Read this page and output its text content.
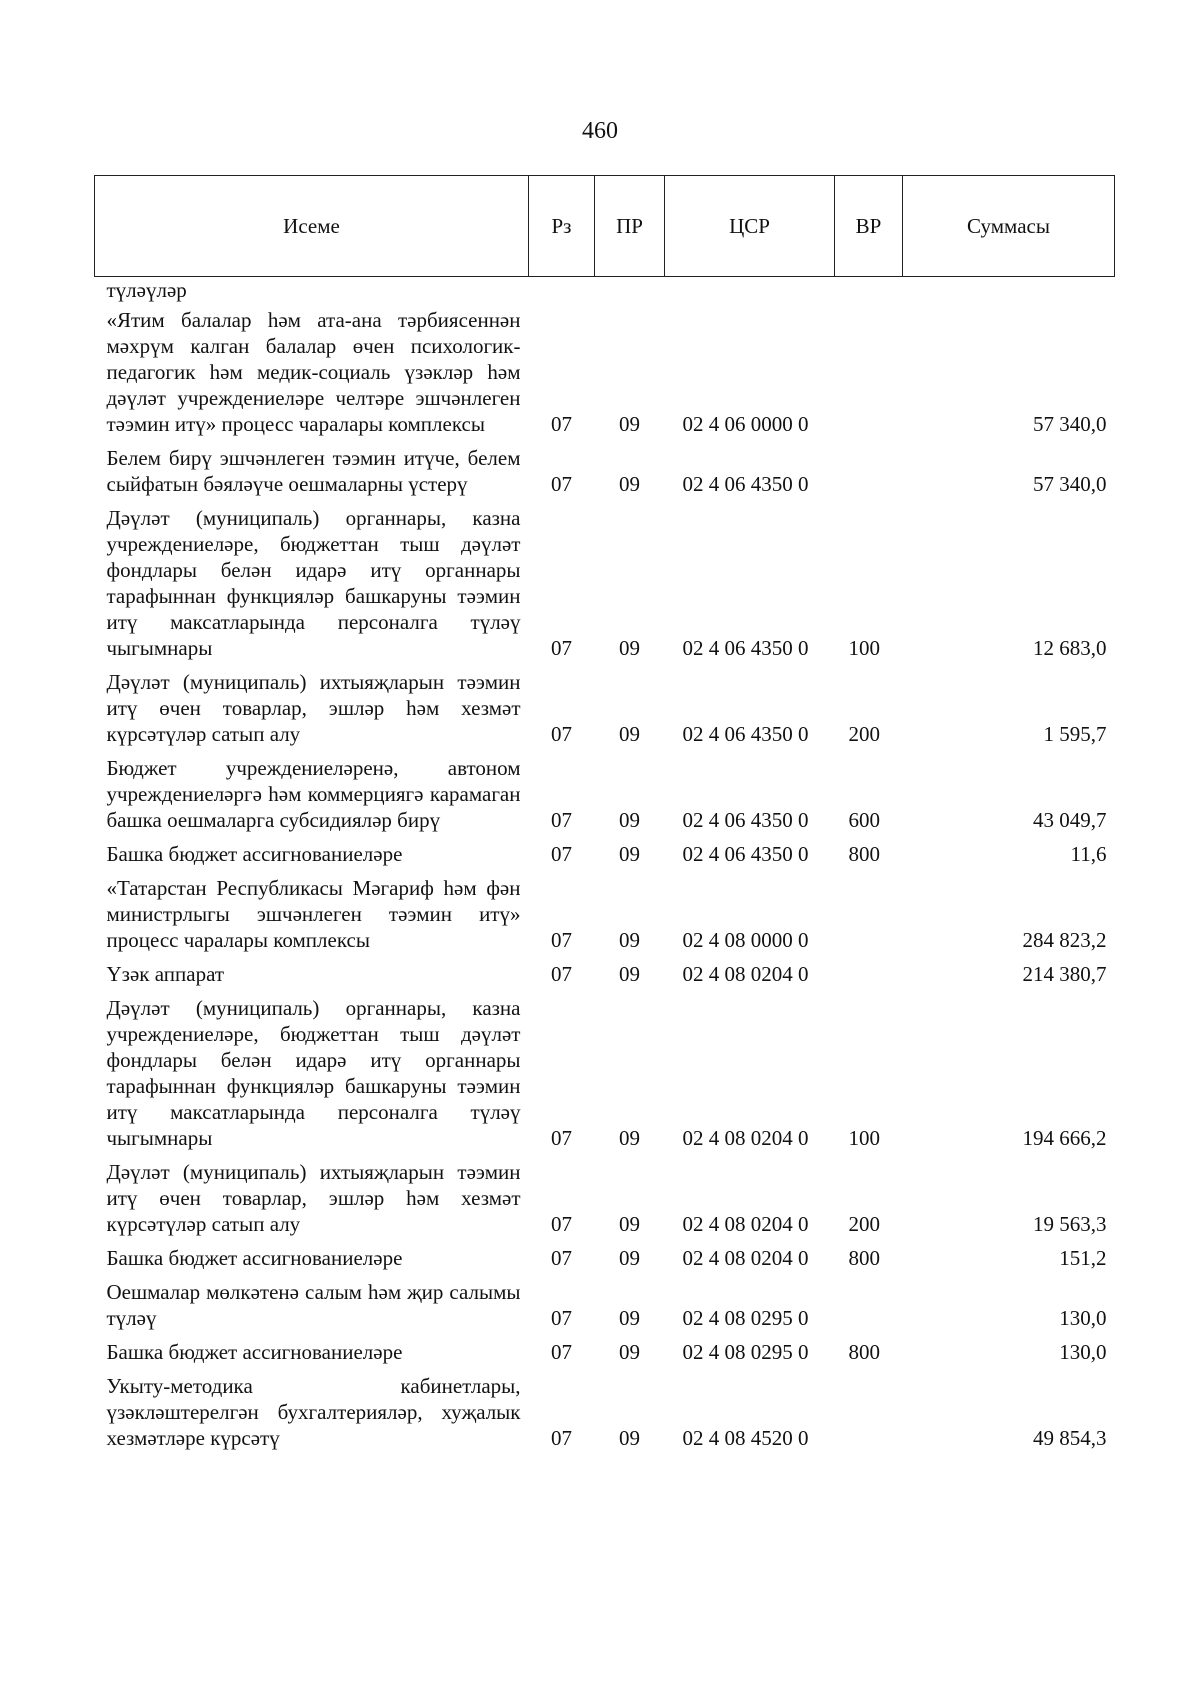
460
Исеме	Рз	ПР	ЦСР	ВР	Суммасы
түләүләр					
«Ятим балалар һәм ата-ана тәрбиясеннән мәхрүм калган балалар өчен психологик-педагогик һәм медик-социаль үзәкләр һәм дәүләт учреждениеләре челтәре эшчәнлеген тәэмин итү» процесс чаралары комплексы	07	09	02 4 06 0000 0		57 340,0
Белем бирү эшчәнлеген тәэмин итүче, белем сыйфатын бәяләүче оешмаларны үстерү	07	09	02 4 06 4350 0		57 340,0
Дәүләт (муниципаль) органнары, казна учреждениеләре, бюджеттан тыш дәүләт фондлары белән идарә итү органнары тарафыннан функцияләр башкаруны тәэмин итү максатларында персоналга түләү чыгымнары	07	09	02 4 06 4350 0	100	12 683,0
Дәүләт (муниципаль) ихтыяҗларын тәэмин итү өчен товарлар, эшләр һәм хезмәт күрсәтүләр сатып алу	07	09	02 4 06 4350 0	200	1 595,7
Бюджет учреждениеләренә, автоном учреждениеләргә һәм коммерциягә карамаган башка оешмаларга субсидияләр бирү	07	09	02 4 06 4350 0	600	43 049,7
Башка бюджет ассигнованиеләре	07	09	02 4 06 4350 0	800	11,6
«Татарстан Республикасы Мәгариф һәм фән министрлыгы эшчәнлеген тәэмин итү» процесс чаралары комплексы	07	09	02 4 08 0000 0		284 823,2
Үзәк аппарат	07	09	02 4 08 0204 0		214 380,7
Дәүләт (муниципаль) органнары, казна учреждениеләре, бюджеттан тыш дәүләт фондлары белән идарә итү органнары тарафыннан функцияләр башкаруны тәэмин итү максатларында персоналга түләү чыгымнары	07	09	02 4 08 0204 0	100	194 666,2
Дәүләт (муниципаль) ихтыяҗларын тәэмин итү өчен товарлар, эшләр һәм хезмәт күрсәтүләр сатып алу	07	09	02 4 08 0204 0	200	19 563,3
Башка бюджет ассигнованиеләре	07	09	02 4 08 0204 0	800	151,2
Оешмалар мөлкәтенә салым һәм җир салымы түләү	07	09	02 4 08 0295 0		130,0
Башка бюджет ассигнованиеләре	07	09	02 4 08 0295 0	800	130,0
Укыту-методика кабинетлары, үзәкләштерелгән бухгалтерияләр, хуҗалык хезмәтләре күрсәтү	07	09	02 4 08 4520 0		49 854,3
